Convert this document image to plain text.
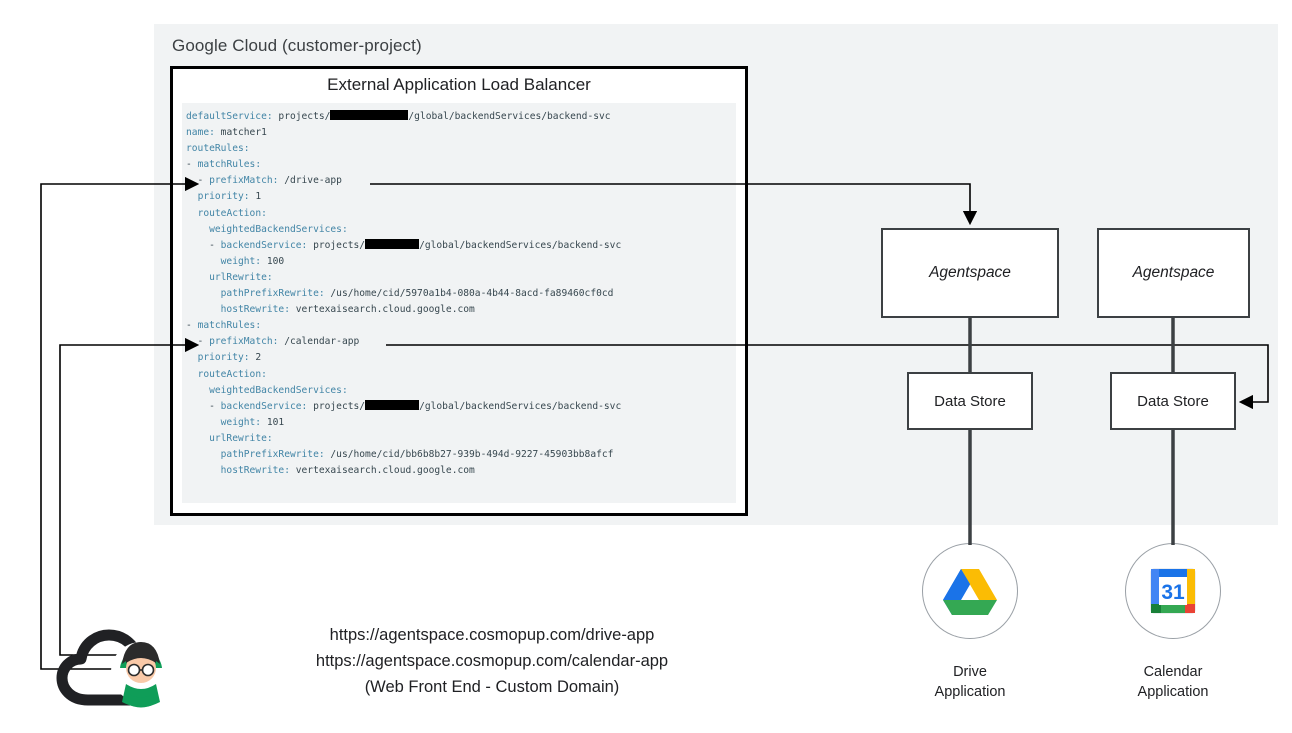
Google Cloud (customer-project)
External Application Load Balancer
defaultService: projects/	/global/backendServices/backend-svc
name: matcher1
routeRules:
- matchRules:
- prefixMatch: /drive-app
priority: 1
routeAction:
weightedBackendServices:
- backendService: projects/	/global/backendServices/backend-svc
weight: 100
urlRewrite:
pathPrefixRewrite: /us/home/cid/5970a1b4-080a-4b44-8acd-fa89460cf0cd
hostRewrite: vertexaisearch.cloud.google.com
- matchRules:
- prefixMatch: /calendar-app
priority: 2
routeAction:
weightedBackendServices:
- backendService: projects/	/global/backendServices/backend-svc
weight: 101
urlRewrite:
pathPrefixRewrite: /us/home/cid/bb6b8b27-939b-494d-9227-45903bb8afcf
hostRewrite: vertexaisearch.cloud.google.com
Agentspace	Agentspace
Data Store	Data Store
Drive
Application
31
Calendar
Application
https://agentspace.cosmopup.com/drive-app
https://agentspace.cosmopup.com/calendar-app
(Web Front End - Custom Domain)
